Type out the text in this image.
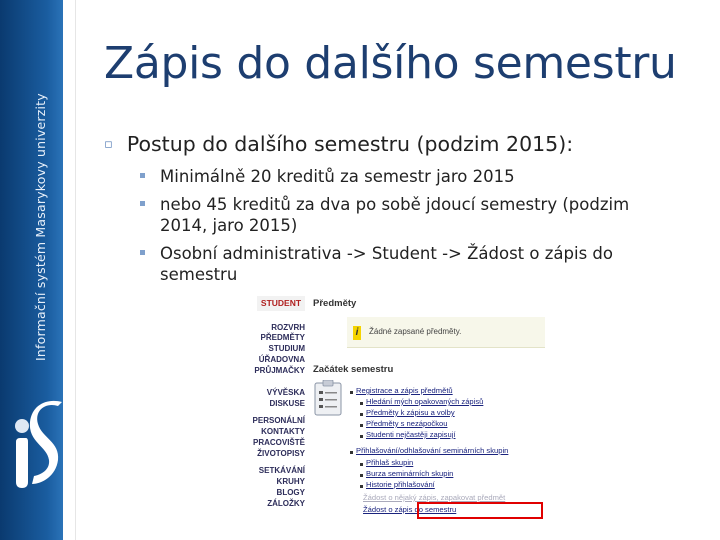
Informační systém Masarykovy univerzity
Zápis do dalšího semestru
▫ Postup do dalšího semestru (podzim 2015):
Minimálně 20 kreditů za semestr jaro 2015
nebo 45 kreditů za dva po sobě jdoucí semestry (podzim 2014, jaro 2015)
Osobní administrativa -> Student -> Žádost o zápis do semestru
STUDENT
ROZVRH
PŘEDMĚTY
STUDIUM
ÚŘADOVNA
PRŮJMAČKY
VÝVĚSKA
DISKUSE
PERSONÁLNÍ
KONTAKTY
PRACOVIŠTĚ
ŽIVOTOPISY
SETKÁVÁNÍ
KRUHY
BLOGY
ZÁLOŽKY
Předměty
i	Žádné zapsané předměty.
Začátek semestru
Registrace a zápis předmětů
Hledání mých opakovaných zápisů
Předměty k zápisu a volby
Předměty s nezápočkou
Studenti nejčastěji zapisují
Přihlašování/odhlašování seminárních skupin
Přihlaš skupin
Burza seminárních skupin
Historie přihlašování
Žádost o nějaký zápis, zapakovat předmět
Žádost o zápis do semestru
